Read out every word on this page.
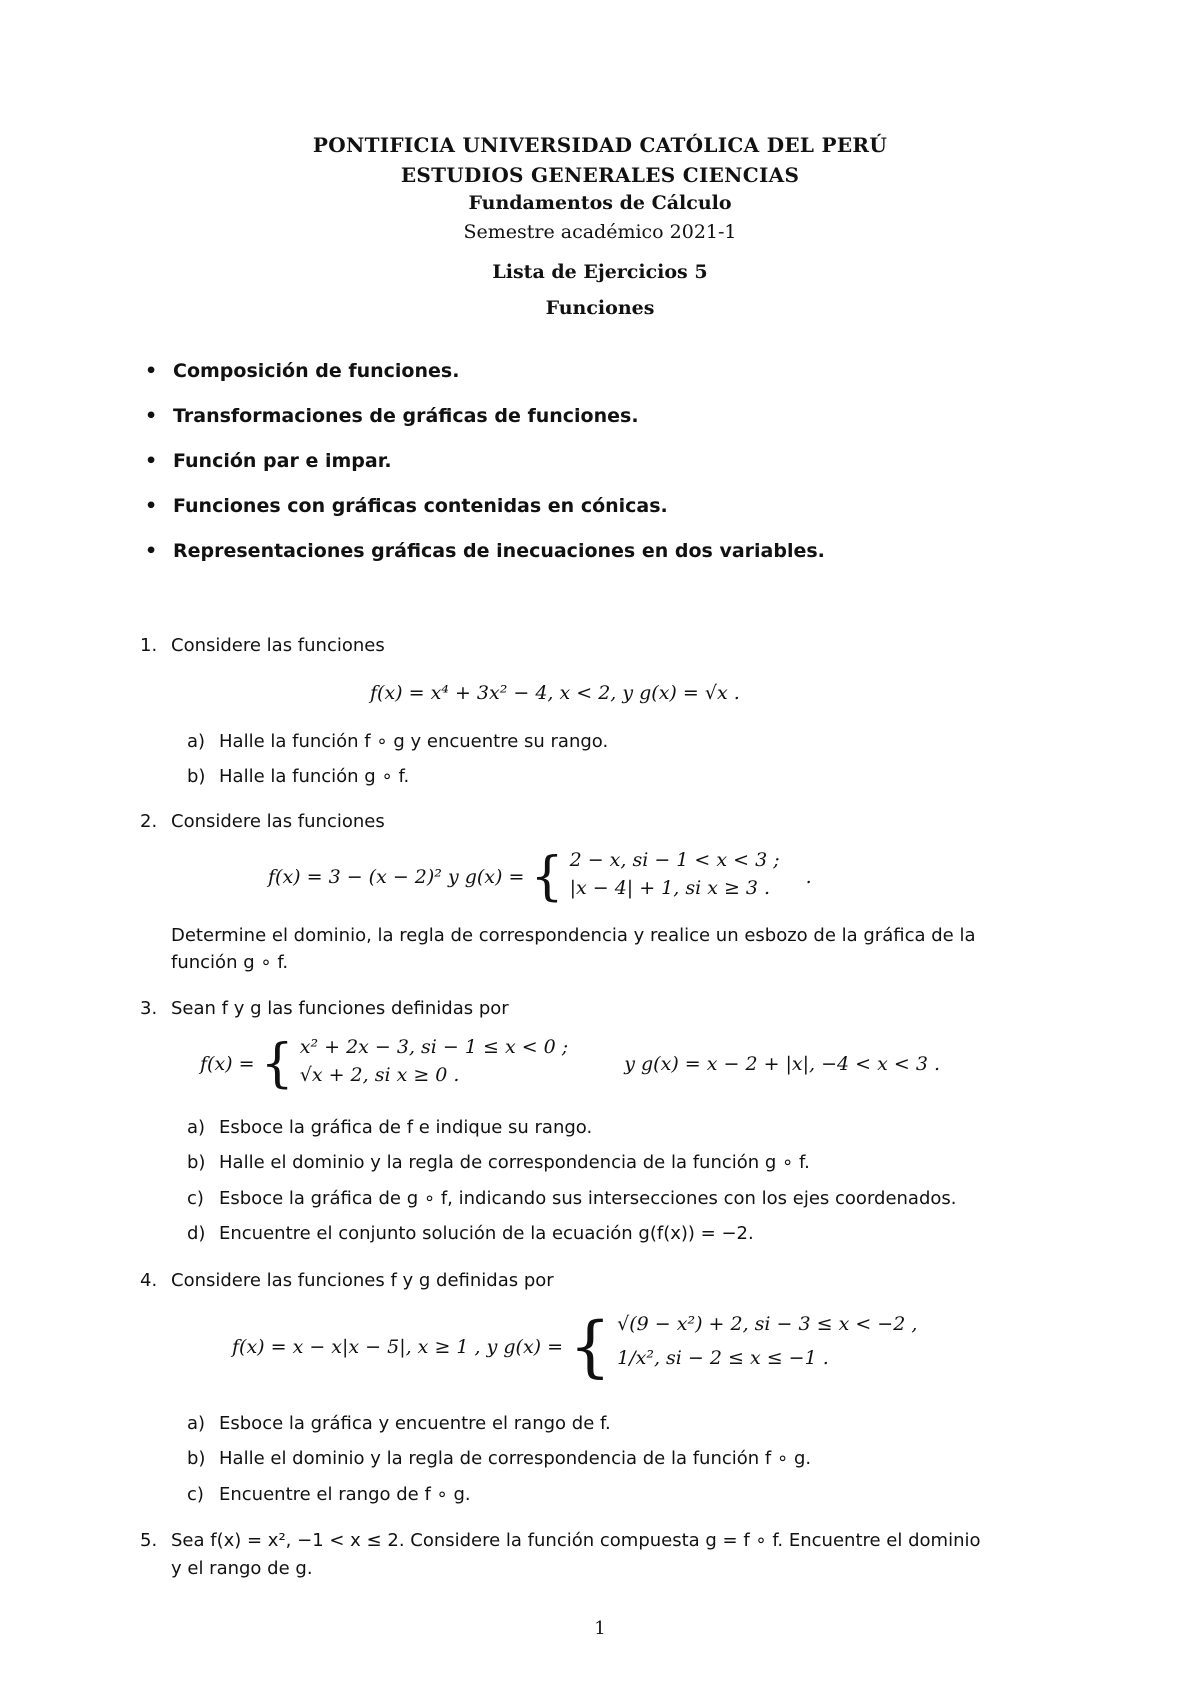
PONTIFICIA UNIVERSIDAD CATÓLICA DEL PERÚ
ESTUDIOS GENERALES CIENCIAS
Fundamentos de Cálculo
Semestre académico 2021-1
Lista de Ejercicios 5
Funciones
• Composición de funciones.
• Transformaciones de gráficas de funciones.
• Función par e impar.
• Funciones con gráficas contenidas en cónicas.
• Representaciones gráficas de inecuaciones en dos variables.
1. Considere las funciones
f(x) = x⁴ + 3x² − 4, x < 2, y g(x) = √x .
a) Halle la función f ∘ g y encuentre su rango.
b) Halle la función g ∘ f.
2. Considere las funciones
f(x) = 3 − (x − 2)² y g(x) = { 2 − x, si − 1 < x < 3 ;
|x − 4| + 1, si x ≥ 3 .	.
Determine el dominio, la regla de correspondencia y realice un esbozo de la gráfica de la
función g ∘ f.
3. Sean f y g las funciones definidas por
f(x) = { x² + 2x − 3, si − 1 ≤ x < 0 ;
√x + 2, si x ≥ 0 .	y g(x) = x − 2 + |x|, −4 < x < 3 .
a) Esboce la gráfica de f e indique su rango.
b) Halle el dominio y la regla de correspondencia de la función g ∘ f.
c) Esboce la gráfica de g ∘ f, indicando sus intersecciones con los ejes coordenados.
d) Encuentre el conjunto solución de la ecuación g(f(x)) = −2.
4. Considere las funciones f y g definidas por
f(x) = x − x|x − 5|, x ≥ 1 , y g(x) = { √(9 − x²) + 2, si − 3 ≤ x < −2 ,
1/x², si − 2 ≤ x ≤ −1 .
a) Esboce la gráfica y encuentre el rango de f.
b) Halle el dominio y la regla de correspondencia de la función f ∘ g.
c) Encuentre el rango de f ∘ g.
5. Sea f(x) = x², −1 < x ≤ 2. Considere la función compuesta g = f ∘ f. Encuentre el dominio
y el rango de g.
1
